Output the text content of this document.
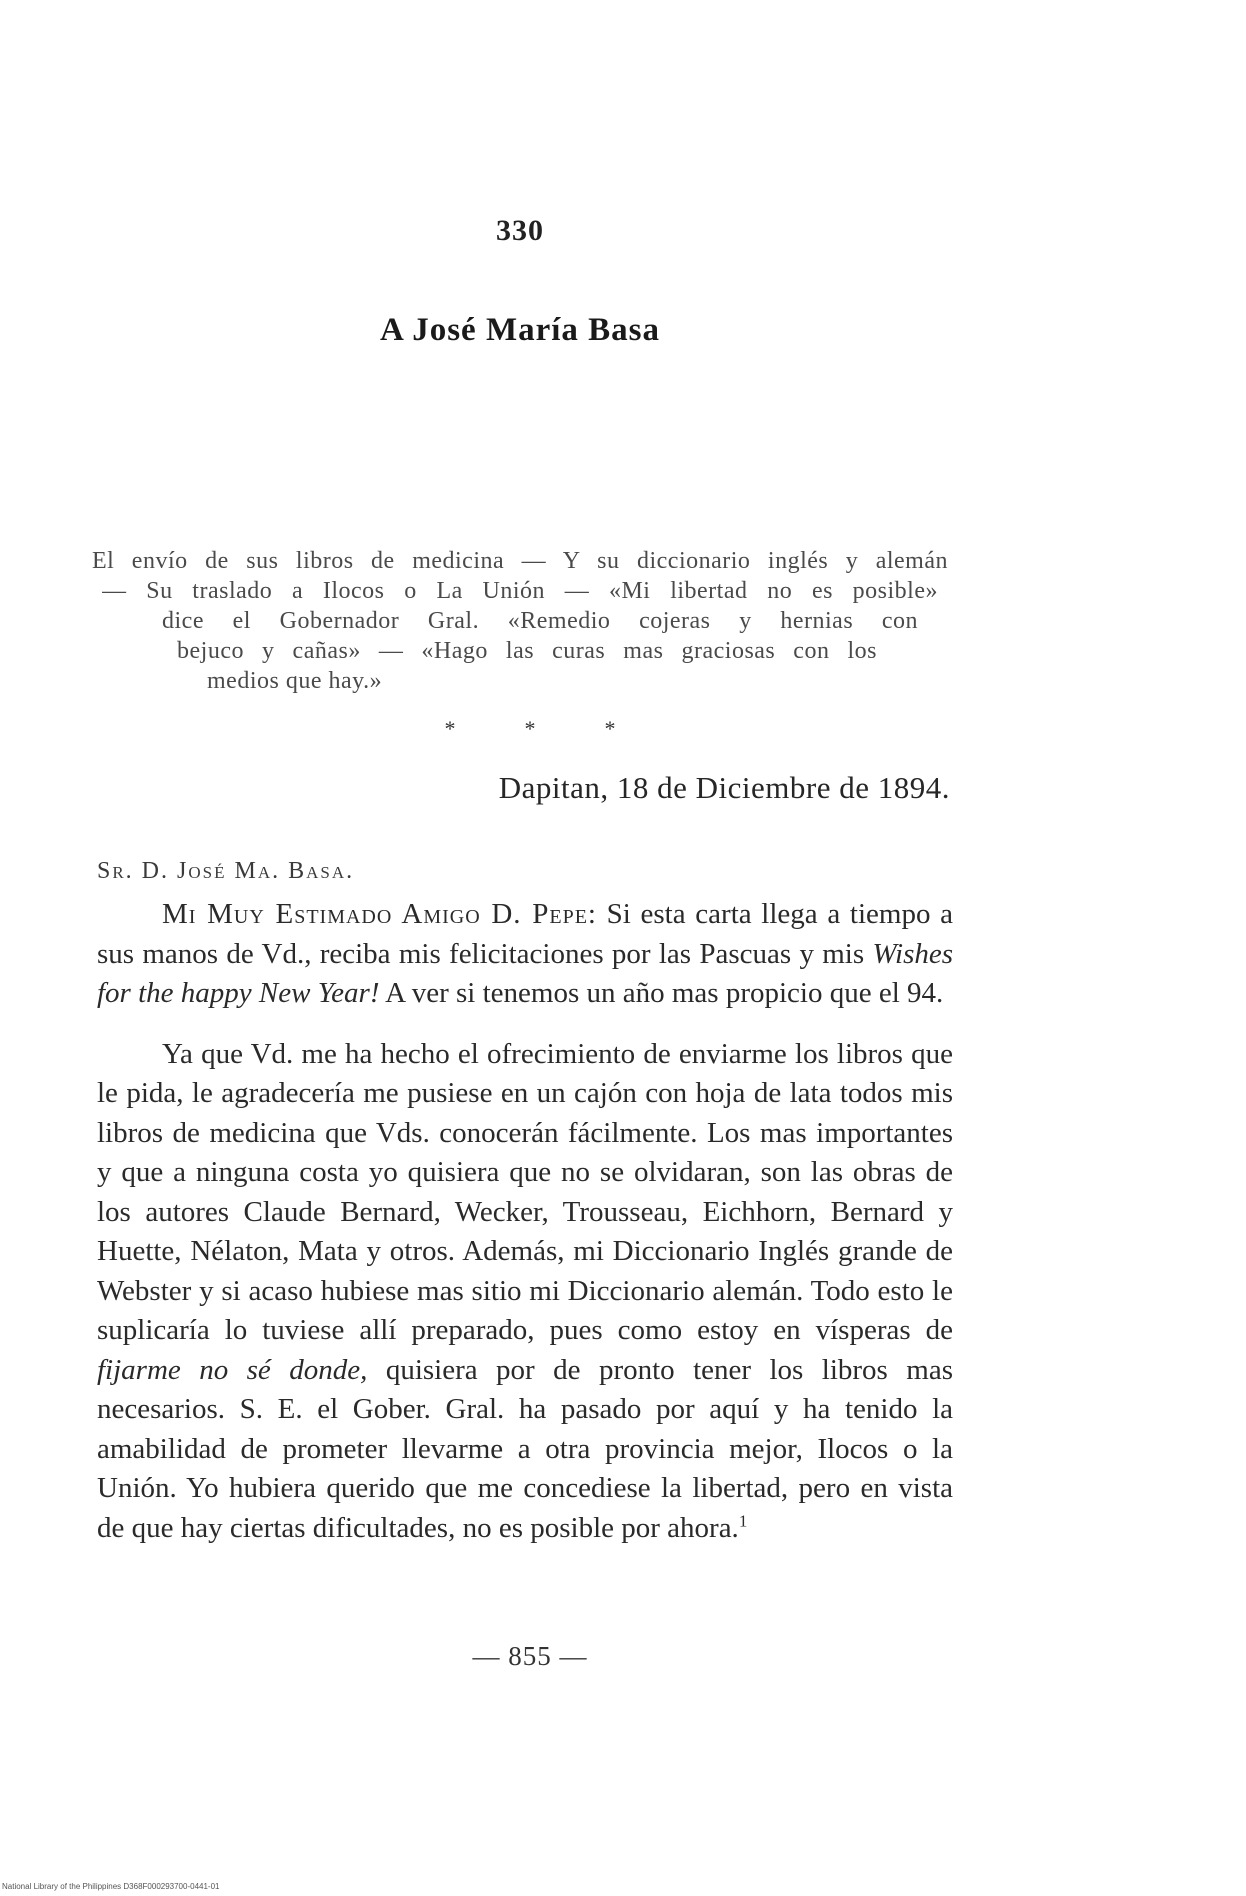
330
A José María Basa
El envío de sus libros de medicina — Y su diccionario inglés y alemán
— Su traslado a Ilocos o La Unión — «Mi libertad no es posible»
dice el Gobernador Gral. «Remedio cojeras y hernias con
bejuco y cañas» — «Hago las curas mas graciosas con los
medios que hay.»
*	*	*
Dapitan, 18 de Diciembre de 1894.
Sr. D. José Ma. Basa.

Mi Muy Estimado Amigo D. Pepe: Si esta carta llega a tiempo a sus manos de Vd., reciba mis felicitaciones por las Pascuas y mis Wishes for the happy New Year! A ver si tenemos un año mas propicio que el 94.

Ya que Vd. me ha hecho el ofrecimiento de enviarme los libros que le pida, le agradecería me pusiese en un cajón con hoja de lata todos mis libros de medicina que Vds. conocerán fácilmente. Los mas importantes y que a ninguna costa yo quisiera que no se olvidaran, son las obras de los autores Claude Bernard, Wecker, Trousseau, Eichhorn, Bernard y Huette, Nélaton, Mata y otros. Además, mi Diccionario Inglés grande de Webster y si acaso hubiese mas sitio mi Diccionario alemán. Todo esto le suplicaría lo tuviese allí preparado, pues como estoy en vísperas de fijarme no sé donde, quisiera por de pronto tener los libros mas necesarios. S. E. el Gober. Gral. ha pasado por aquí y ha tenido la amabilidad de prometer llevarme a otra provincia mejor, Ilocos o la Unión. Yo hubiera querido que me concediese la libertad, pero en vista de que hay ciertas dificultades, no es posible por ahora.$^1$

— 855 —
National Library of the Philippines D368F000293700-0441-01
